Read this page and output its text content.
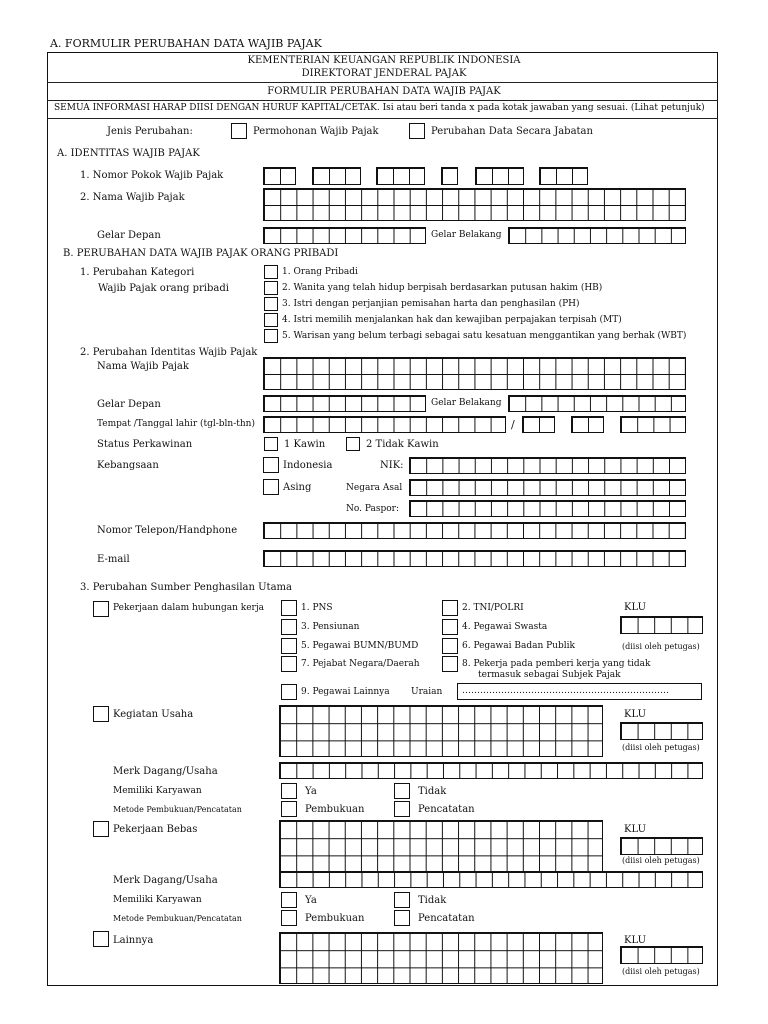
A. FORMULIR PERUBAHAN DATA WAJIB PAJAK
KEMENTERIAN KEUANGAN REPUBLIK INDONESIA
DIREKTORAT JENDERAL PAJAK
FORMULIR PERUBAHAN DATA WAJIB PAJAK
SEMUA INFORMASI HARAP DIISI DENGAN HURUF KAPITAL/CETAK. Isi atau beri tanda x pada kotak jawaban yang sesuai. (Lihat petunjuk)
Jenis Perubahan:	Permohonan Wajib Pajak	Perubahan Data Secara Jabatan
A. IDENTITAS WAJIB PAJAK
1. Nomor Pokok Wajib Pajak
2. Nama Wajib Pajak
Gelar Depan	Gelar Belakang
B. PERUBAHAN DATA WAJIB PAJAK ORANG PRIBADI
1. Perubahan Kategori
Wajib Pajak orang pribadi
1. Orang Pribadi
2. Wanita yang telah hidup berpisah berdasarkan putusan hakim (HB)
3. Istri dengan perjanjian pemisahan harta dan penghasilan (PH)
4. Istri memilih menjalankan hak dan kewajiban perpajakan terpisah (MT)
5. Warisan yang belum terbagi sebagai satu kesatuan menggantikan yang berhak (WBT)
2. Perubahan Identitas Wajib Pajak
Nama Wajib Pajak
Gelar Depan	Gelar Belakang
Tempat /Tanggal lahir (tgl-bln-thn)	/
Status Perkawinan	1 Kawin	2 Tidak Kawin
Kebangsaan	Indonesia	NIK:
Asing	Negara Asal
No. Paspor:
Nomor Telepon/Handphone
E-mail
3. Perubahan Sumber Penghasilan Utama
Pekerjaan dalam hubungan kerja	1. PNS	2. TNI/POLRI
3. Pensiunan	4. Pegawai Swasta
5. Pegawai BUMN/BUMD	6. Pegawai Badan Publik
7. Pejabat Negara/Daerah	8. Pekerja pada pemberi kerja yang tidak
termasuk sebagai Subjek Pajak
9. Pegawai Lainnya Uraian ……………………………………………………………
KLU
(diisi oleh petugas)
Kegiatan Usaha	KLU
(diisi oleh petugas)
Merk Dagang/Usaha
Memiliki Karyawan	Ya	Tidak
Metode Pembukuan/Pencatatan	Pembukuan	Pencatatan
Pekerjaan Bebas	KLU
(diisi oleh petugas)
Merk Dagang/Usaha
Memiliki Karyawan	Ya	Tidak
Metode Pembukuan/Pencatatan	Pembukuan	Pencatatan
Lainnya	KLU
(diisi oleh petugas)
